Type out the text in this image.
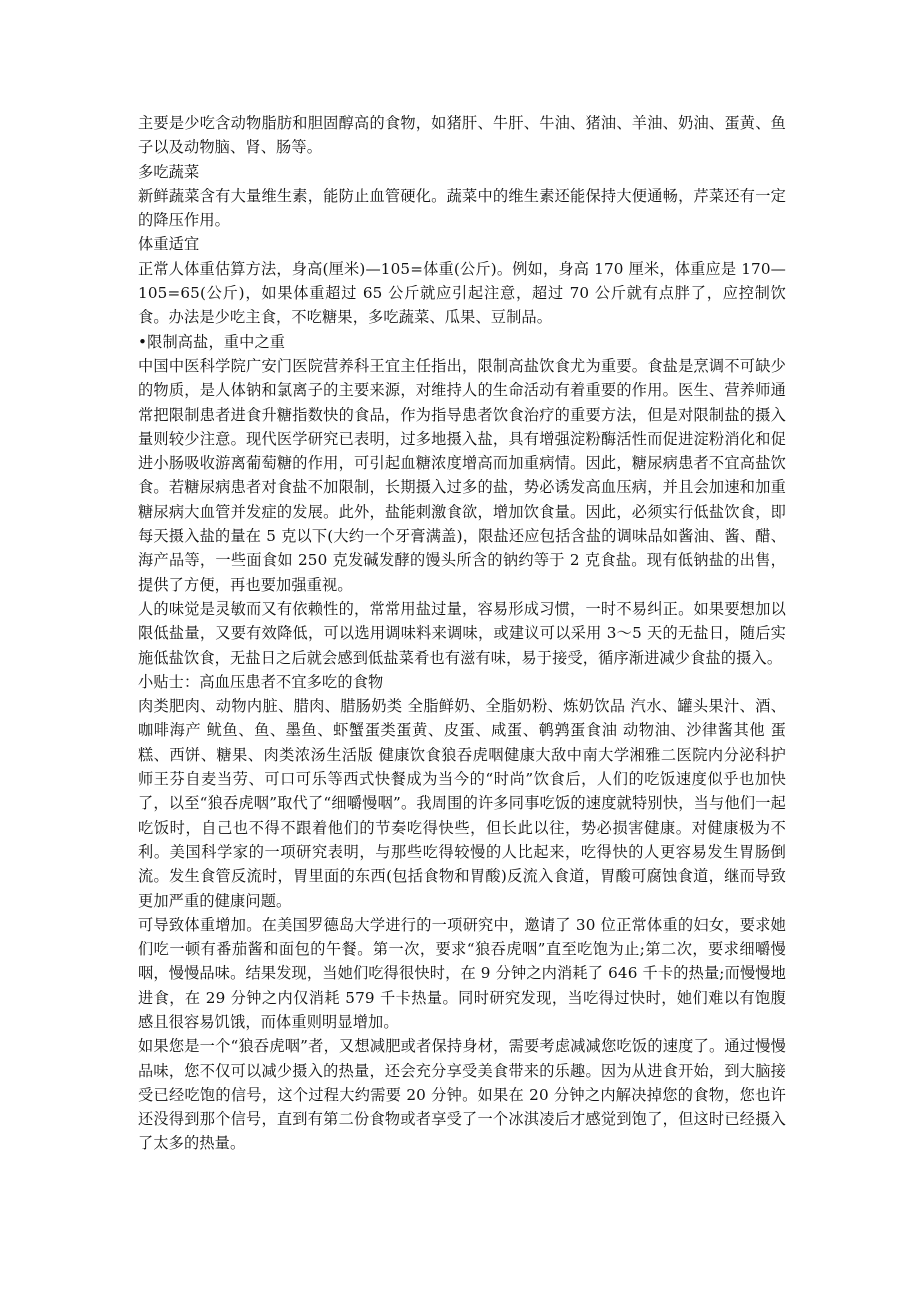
主要是少吃含动物脂肪和胆固醇高的食物，如猪肝、牛肝、牛油、猪油、羊油、奶油、蛋黄、鱼子以及动物脑、肾、肠等。

多吃蔬菜

新鲜蔬菜含有大量维生素，能防止血管硬化。蔬菜中的维生素还能保持大便通畅，芹菜还有一定的降压作用。

体重适宜

正常人体重估算方法，身高(厘米)—105=体重(公斤)。例如，身高 170 厘米，体重应是 170—105=65(公斤)，如果体重超过 65 公斤就应引起注意，超过 70 公斤就有点胖了，应控制饮食。办法是少吃主食，不吃糖果，多吃蔬菜、瓜果、豆制品。

•限制高盐，重中之重

中国中医科学院广安门医院营养科王宜主任指出，限制高盐饮食尤为重要。食盐是烹调不可缺少的物质，是人体钠和氯离子的主要来源，对维持人的生命活动有着重要的作用。医生、营养师通常把限制患者进食升糖指数快的食品，作为指导患者饮食治疗的重要方法，但是对限制盐的摄入量则较少注意。现代医学研究已表明，过多地摄入盐，具有增强淀粉酶活性而促进淀粉消化和促进小肠吸收游离葡萄糖的作用，可引起血糖浓度增高而加重病情。因此，糖尿病患者不宜高盐饮食。若糖尿病患者对食盐不加限制，长期摄入过多的盐，势必诱发高血压病，并且会加速和加重糖尿病大血管并发症的发展。此外，盐能刺激食欲，增加饮食量。因此，必须实行低盐饮食，即每天摄入盐的量在 5 克以下(大约一个牙膏满盖)，限盐还应包括含盐的调味品如酱油、酱、醋、海产品等，一些面食如 250 克发碱发酵的馒头所含的钠约等于 2 克食盐。现有低钠盐的出售，提供了方便，再也要加强重视。

人的味觉是灵敏而又有依赖性的，常常用盐过量，容易形成习惯，一时不易纠正。如果要想加以限低盐量，又要有效降低，可以选用调味料来调味，或建议可以采用 3～5 天的无盐日，随后实施低盐饮食，无盐日之后就会感到低盐菜肴也有滋有味，易于接受，循序渐进减少食盐的摄入。

小贴士：高血压患者不宜多吃的食物

肉类肥肉、动物内脏、腊肉、腊肠奶类 全脂鲜奶、全脂奶粉、炼奶饮品 汽水、罐头果汁、酒、咖啡海产 鱿鱼、鱼、墨鱼、虾蟹蛋类蛋黄、皮蛋、咸蛋、鹌鹑蛋食油 动物油、沙律酱其他 蛋糕、西饼、糖果、肉类浓汤生活版 健康饮食狼吞虎咽健康大敌中南大学湘雅二医院内分泌科护师王芬自麦当劳、可口可乐等西式快餐成为当今的“时尚”饮食后，人们的吃饭速度似乎也加快了，以至“狼吞虎咽”取代了“细嚼慢咽”。我周围的许多同事吃饭的速度就特别快，当与他们一起吃饭时，自己也不得不跟着他们的节奏吃得快些，但长此以往，势必损害健康。对健康极为不利。美国科学家的一项研究表明，与那些吃得较慢的人比起来，吃得快的人更容易发生胃肠倒流。发生食管反流时，胃里面的东西(包括食物和胃酸)反流入食道，胃酸可腐蚀食道，继而导致更加严重的健康问题。

可导致体重增加。在美国罗德岛大学进行的一项研究中，邀请了 30 位正常体重的妇女，要求她们吃一顿有番茄酱和面包的午餐。第一次，要求“狼吞虎咽”直至吃饱为止;第二次，要求细嚼慢咽，慢慢品味。结果发现，当她们吃得很快时，在 9 分钟之内消耗了 646 千卡的热量;而慢慢地进食，在 29 分钟之内仅消耗 579 千卡热量。同时研究发现，当吃得过快时，她们难以有饱腹感且很容易饥饿，而体重则明显增加。

如果您是一个“狼吞虎咽”者，又想减肥或者保持身材，需要考虑减减您吃饭的速度了。通过慢慢品味，您不仅可以减少摄入的热量，还会充分享受美食带来的乐趣。因为从进食开始，到大脑接受已经吃饱的信号，这个过程大约需要 20 分钟。如果在 20 分钟之内解决掉您的食物，您也许还没得到那个信号，直到有第二份食物或者享受了一个冰淇凌后才感觉到饱了，但这时已经摄入了太多的热量。
